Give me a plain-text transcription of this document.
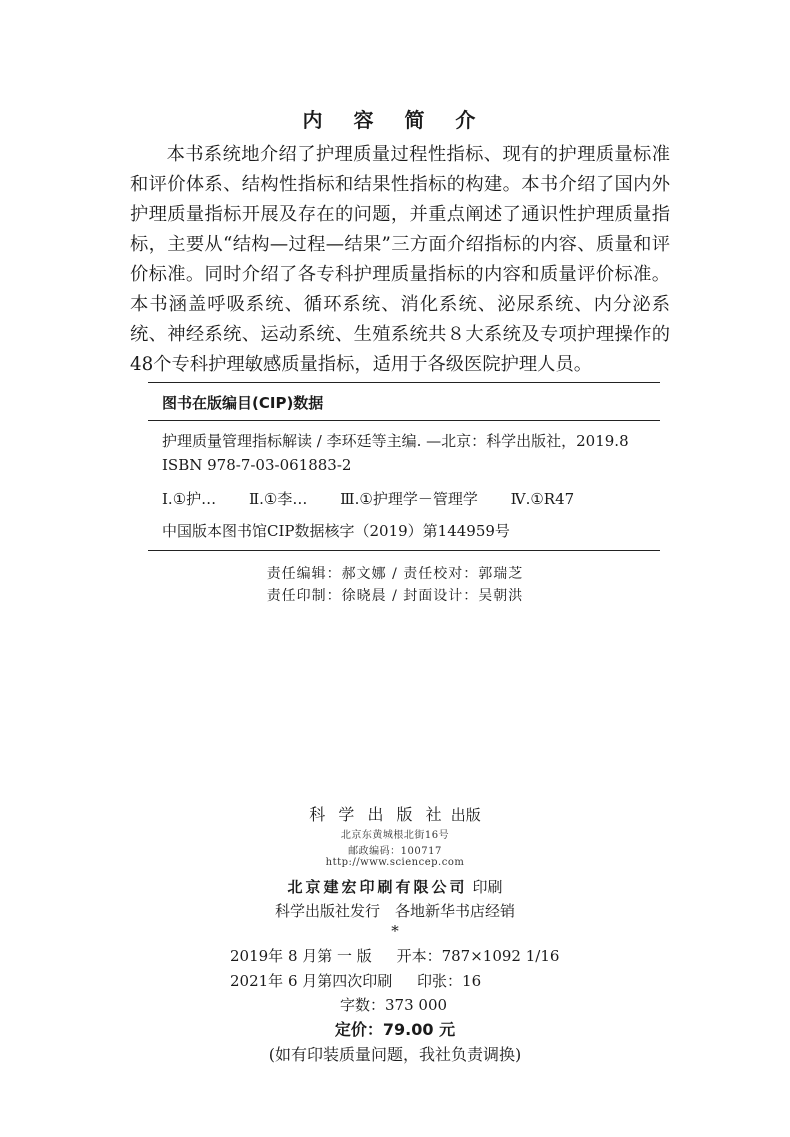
内 容 简 介

本书系统地介绍了护理质量过程性指标、现有的护理质量标准和评价体系、结构性指标和结果性指标的构建。本书介绍了国内外护理质量指标开展及存在的问题，并重点阐述了通识性护理质量指标，主要从“结构—过程—结果”三方面介绍指标的内容、质量和评价标准。同时介绍了各专科护理质量指标的内容和质量评价标准。本书涵盖呼吸系统、循环系统、消化系统、泌尿系统、内分泌系统、神经系统、运动系统、生殖系统共８大系统及专项护理操作的48个专科护理敏感质量指标，适用于各级医院护理人员。

图书在版编目(CIP)数据
护理质量管理指标解读 / 李环廷等主编. —北京：科学出版社，2019.8
ISBN 978-7-03-061883-2
Ⅰ.①护… Ⅱ.①李… Ⅲ.①护理学－管理学 Ⅳ.①R47
中国版本图书馆CIP数据核字（2019）第144959号
责任编辑：郝文娜 / 责任校对：郭瑞芝
责任印制：徐晓晨 / 封面设计：吴朝洪
科 学 出 版 社 出版
北京东黄城根北街16号
邮政编码：100717
http://www.sciencep.com
北京建宏印刷有限公司 印刷
科学出版社发行　各地新华书店经销
*
2019年 8 月第 一 版 开本：787×1092 1/16
2021年 6 月第四次印刷 印张：16
字数：373 000
定价：79.00 元
(如有印装质量问题，我社负责调换)
